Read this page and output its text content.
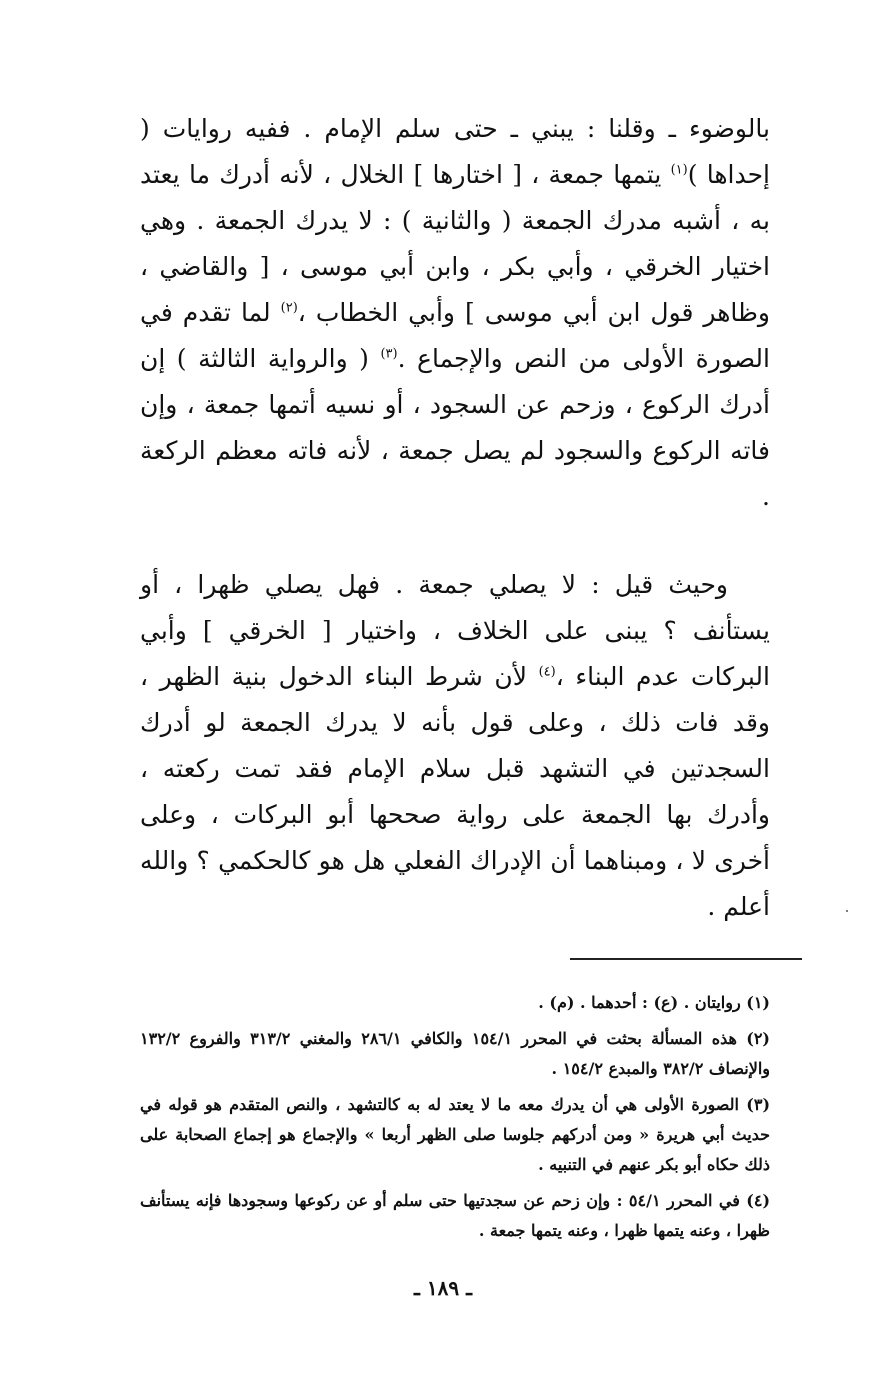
بالوضوء ـ وقلنا : يبني ـ حتى سلم الإمام . ففيه روايات ( إحداها )$^{(١)}$ يتمها جمعة ، [ اختارها ] الخلال ، لأنه أدرك ما يعتد به ، أشبه مدرك الجمعة ( والثانية ) : لا يدرك الجمعة . وهي اختيار الخرقي ، وأبي بكر ، وابن أبي موسى ، [ والقاضي ، وظاهر قول ابن أبي موسى ] وأبي الخطاب ،$^{(٢)}$ لما تقدم في الصورة الأولى من النص والإجماع .$^{(٣)}$ ( والرواية الثالثة ) إن أدرك الركوع ، وزحم عن السجود ، أو نسيه أتمها جمعة ، وإن فاته الركوع والسجود لم يصل جمعة ، لأنه فاته معظم الركعة .

وحيث قيل : لا يصلي جمعة . فهل يصلي ظهرا ، أو يستأنف ؟ يبنى على الخلاف ، واختيار [ الخرقي ] وأبي البركات عدم البناء ،$^{(٤)}$ لأن شرط البناء الدخول بنية الظهر ، وقد فات ذلك ، وعلى قول بأنه لا يدرك الجمعة لو أدرك السجدتين في التشهد قبل سلام الإمام فقد تمت ركعته ، وأدرك بها الجمعة على رواية صححها أبو البركات ، وعلى أخرى لا ، ومبناهما أن الإدراك الفعلي هل هو كالحكمي ؟ والله أعلم .

(١) روايتان . (ع) : أحدهما . (م) .

(٢) هذه المسألة بحثت في المحرر ١٥٤/١ والكافي ٢٨٦/١ والمغني ٣١٣/٢ والفروع ١٣٢/٢ والإنصاف ٣٨٢/٢ والمبدع ١٥٤/٢ .

(٣) الصورة الأولى هي أن يدرك معه ما لا يعتد له به كالتشهد ، والنص المتقدم هو قوله في حديث أبي هريرة « ومن أدركهم جلوسا صلى الظهر أربعا » والإجماع هو إجماع الصحابة على ذلك حكاه أبو بكر عنهم في التنبيه .

(٤) في المحرر ٥٤/١ : وإن زحم عن سجدتيها حتى سلم أو عن ركوعها وسجودها فإنه يستأنف ظهرا ، وعنه يتمها ظهرا ، وعنه يتمها جمعة .

ـ ١٨٩ ـ
